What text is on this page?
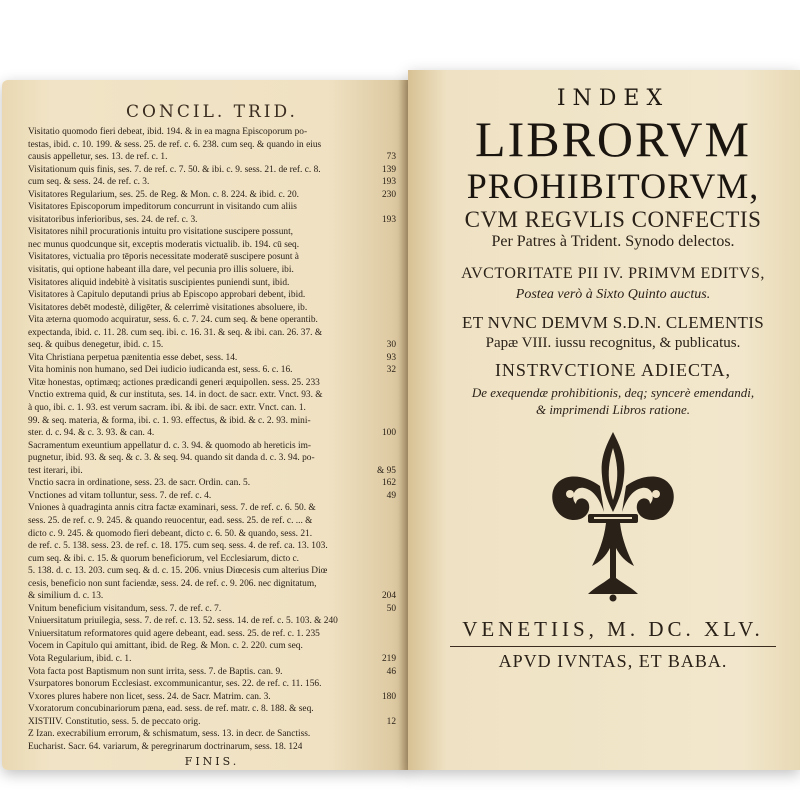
CONCIL. TRID.
Visitatio quomodo fieri debeat, ibid. 194. & in ea magna Episcoporum po-
testas, ibid. c. 10. 199. & sess. 25. de ref. c. 6. 238. cum seq. & quando in eius
causis appelletur, ses. 13. de ref. c. 1.	73
Visitationum quis finis, ses. 7. de ref. c. 7. 50. & ibi. c. 9. sess. 21. de ref. c. 8.	139
cum seq. & sess. 24. de ref. c. 3.	193
Visitatores Regularium, ses. 25. de Reg. & Mon. c. 8. 224. & ibid. c. 20.	230
Visitatores Episcoporum impeditorum concurrunt in visitando cum aliis
visitatoribus inferioribus, ses. 24. de ref. c. 3.	193
Visitatores nihil procurationis intuitu pro visitatione suscipere possunt,
nec munus quodcunque sit, exceptis moderatis victualib. ib. 194. cū seq.
Visitatores, victualia pro tēporis necessitate moderatē suscipere posunt à
visitatis, qui optione habeant illa dare, vel pecunia pro illis soluere, ibi.
Visitatores aliquid indebitè à visitatis suscipientes puniendi sunt, ibid.
Visitatores à Capitulo deputandi prius ab Episcopo approbari debent, ibid.
Visitatores debēt modestè, diligēter, & celerrimè visitationes absoluere, ib.
Vita æterna quomodo acquiratur, sess. 6. c. 7. 24. cum seq. & bene operantib.
expectanda, ibid. c. 11. 28. cum seq. ibi. c. 16. 31. & seq. & ibi. can. 26. 37. &
seq. & quibus denegetur, ibid. c. 15.	30
Vita Christiana perpetua pænitentia esse debet, sess. 14.	93
Vita hominis non humano, sed Dei iudicio iudicanda est, sess. 6. c. 16.	32
Vitæ honestas, optimæq; actiones prædicandi generi æquipollen. sess. 25. 233
Vnctio extrema quid, & cur instituta, ses. 14. in doct. de sacr. extr. Vnct. 93. &
à quo, ibi. c. 1. 93. est verum sacram. ibi. & ibi. de sacr. extr. Vnct. can. 1.
99. & seq. materia, & forma, ibi. c. 1. 93. effectus, & ibid. & c. 2. 93. mini-
ster. d. c. 94. & c. 3. 93. & can. 4.	100
Sacramentum exeuntium appellatur d. c. 3. 94. & quomodo ab hereticis im-
pugnetur, ibid. 93. & seq. & c. 3. & seq. 94. quando sit danda d. c. 3. 94. po-
test iterari, ibi.	& 95
Vnctio sacra in ordinatione, sess. 23. de sacr. Ordin. can. 5.	162
Vnctiones ad vitam tolluntur, sess. 7. de ref. c. 4.	49
Vniones à quadraginta annis citra factæ examinari, sess. 7. de ref. c. 6. 50. &
sess. 25. de ref. c. 9. 245. & quando reuocentur, ead. sess. 25. de ref. c. ... &
dicto c. 9. 245. & quomodo fieri debeant, dicto c. 6. 50. & quando, sess. 21.
de ref. c. 5. 138. sess. 23. de ref. c. 18. 175. cum seq. sess. 4. de ref. ca. 13. 103.
cum seq. & ibi. c. 15. & quorum beneficiorum, vel Ecclesiarum, dicto c.
5. 138. d. c. 13. 203. cum seq. & d. c. 15. 206. vnius Diœcesis cum alterius Diœ
cesis, beneficio non sunt faciendæ, sess. 24. de ref. c. 9. 206. nec dignitatum,
& similium d. c. 13.	204
Vnitum beneficium visitandum, sess. 7. de ref. c. 7.	50
Vniuersitatum priuilegia, sess. 7. de ref. c. 13. 52. sess. 14. de ref. c. 5. 103. & 240
Vniuersitatum reformatores quid agere debeant, ead. sess. 25. de ref. c. 1. 235
Vocem in Capitulo qui amittant, ibid. de Reg. & Mon. c. 2. 220. cum seq.
Vota Regularium, ibid. c. 1.	219
Vota facta post Baptismum non sunt irrita, sess. 7. de Baptis. can. 9.	46
Vsurpatores bonorum Ecclesiast. excommunicantur, ses. 22. de ref. c. 11. 156.
Vxores plures habere non licet, sess. 24. de Sacr. Matrim. can. 3.	180
Vxoratorum concubinariorum pæna, ead. sess. de ref. matr. c. 8. 188. & seq.
XISTIIV. Constitutio, sess. 5. de peccato orig.	12
Z Izan. execrabilium errorum, & schismatum, sess. 13. in decr. de Sanctiss.
Eucharist. Sacr. 64. variarum, & peregrinarum doctrinarum, sess. 18. 124
FINIS.
INDEX
LIBRORVM
PROHIBITORVM,
CVM REGVLIS CONFECTIS
Per Patres à Trident. Synodo delectos.
AVCTORITATE PII IV. PRIMVM EDITVS,
Postea verò à Sixto Quinto auctus.
ET NVNC DEMVM S.D.N. CLEMENTIS
Papæ VIII. iussu recognitus, & publicatus.
INSTRVCTIONE ADIECTA,
De exequendæ prohibitionis, deq; syncerè emendandi,
& imprimendi Libros ratione.
VENETIIS, M. DC. XLV.
APVD IVNTAS, ET BABA.
